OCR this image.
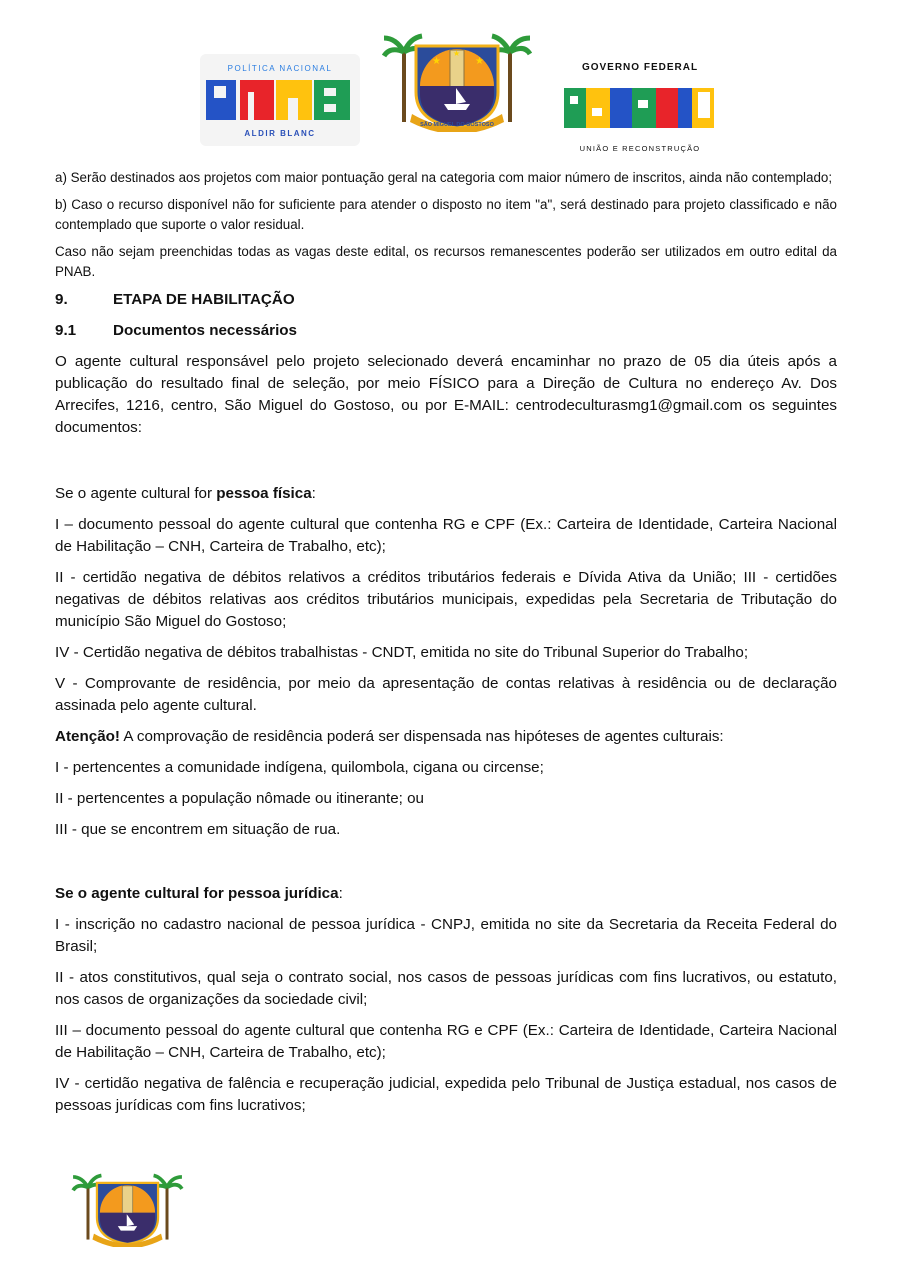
POLÍTICA NACIONAL
ALDIR BLANC
★	★
★
SÃO MIGUEL DO GOSTOSO
GOVERNO FEDERAL
UNIÃO E RECONSTRUÇÃO

a) Serão destinados aos projetos com maior pontuação geral na categoria com maior número de inscritos, ainda não contemplado;

b) Caso o recurso disponível não for suficiente para atender o disposto no item "a", será destinado para projeto classificado e não contemplado que suporte o valor residual.

Caso não sejam preenchidas todas as vagas deste edital, os recursos remanescentes poderão ser utilizados em outro edital da PNAB.

9.	ETAPA DE HABILITAÇÃO
9.1	Documentos necessários

O agente cultural responsável pelo projeto selecionado deverá encaminhar no prazo de 05 dia úteis após a publicação do resultado final de seleção, por meio FÍSICO para a Direção de Cultura no endereço Av. Dos Arrecifes, 1216, centro, São Miguel do Gostoso, ou por E-MAIL: centrodeculturasmg1@gmail.com os seguintes documentos:

Se o agente cultural for pessoa física:

I – documento pessoal do agente cultural que contenha RG e CPF (Ex.: Carteira de Identidade, Carteira Nacional de Habilitação – CNH, Carteira de Trabalho, etc);

II - certidão negativa de débitos relativos a créditos tributários federais e Dívida Ativa da União; III - certidões negativas de débitos relativas aos créditos tributários municipais, expedidas pela Secretaria de Tributação do município São Miguel do Gostoso;

IV - Certidão negativa de débitos trabalhistas - CNDT, emitida no site do Tribunal Superior do Trabalho;

V - Comprovante de residência, por meio da apresentação de contas relativas à residência ou de declaração assinada pelo agente cultural.

Atenção! A comprovação de residência poderá ser dispensada nas hipóteses de agentes culturais:

I - pertencentes a comunidade indígena, quilombola, cigana ou circense;

II - pertencentes a população nômade ou itinerante; ou

III - que se encontrem em situação de rua.

Se o agente cultural for pessoa jurídica:

I - inscrição no cadastro nacional de pessoa jurídica - CNPJ, emitida no site da Secretaria da Receita Federal do Brasil;

II - atos constitutivos, qual seja o contrato social, nos casos de pessoas jurídicas com fins lucrativos, ou estatuto, nos casos de organizações da sociedade civil;

III – documento pessoal do agente cultural que contenha RG e CPF (Ex.: Carteira de Identidade, Carteira Nacional de Habilitação – CNH, Carteira de Trabalho, etc);

IV - certidão negativa de falência e recuperação judicial, expedida pelo Tribunal de Justiça estadual, nos casos de pessoas jurídicas com fins lucrativos;
